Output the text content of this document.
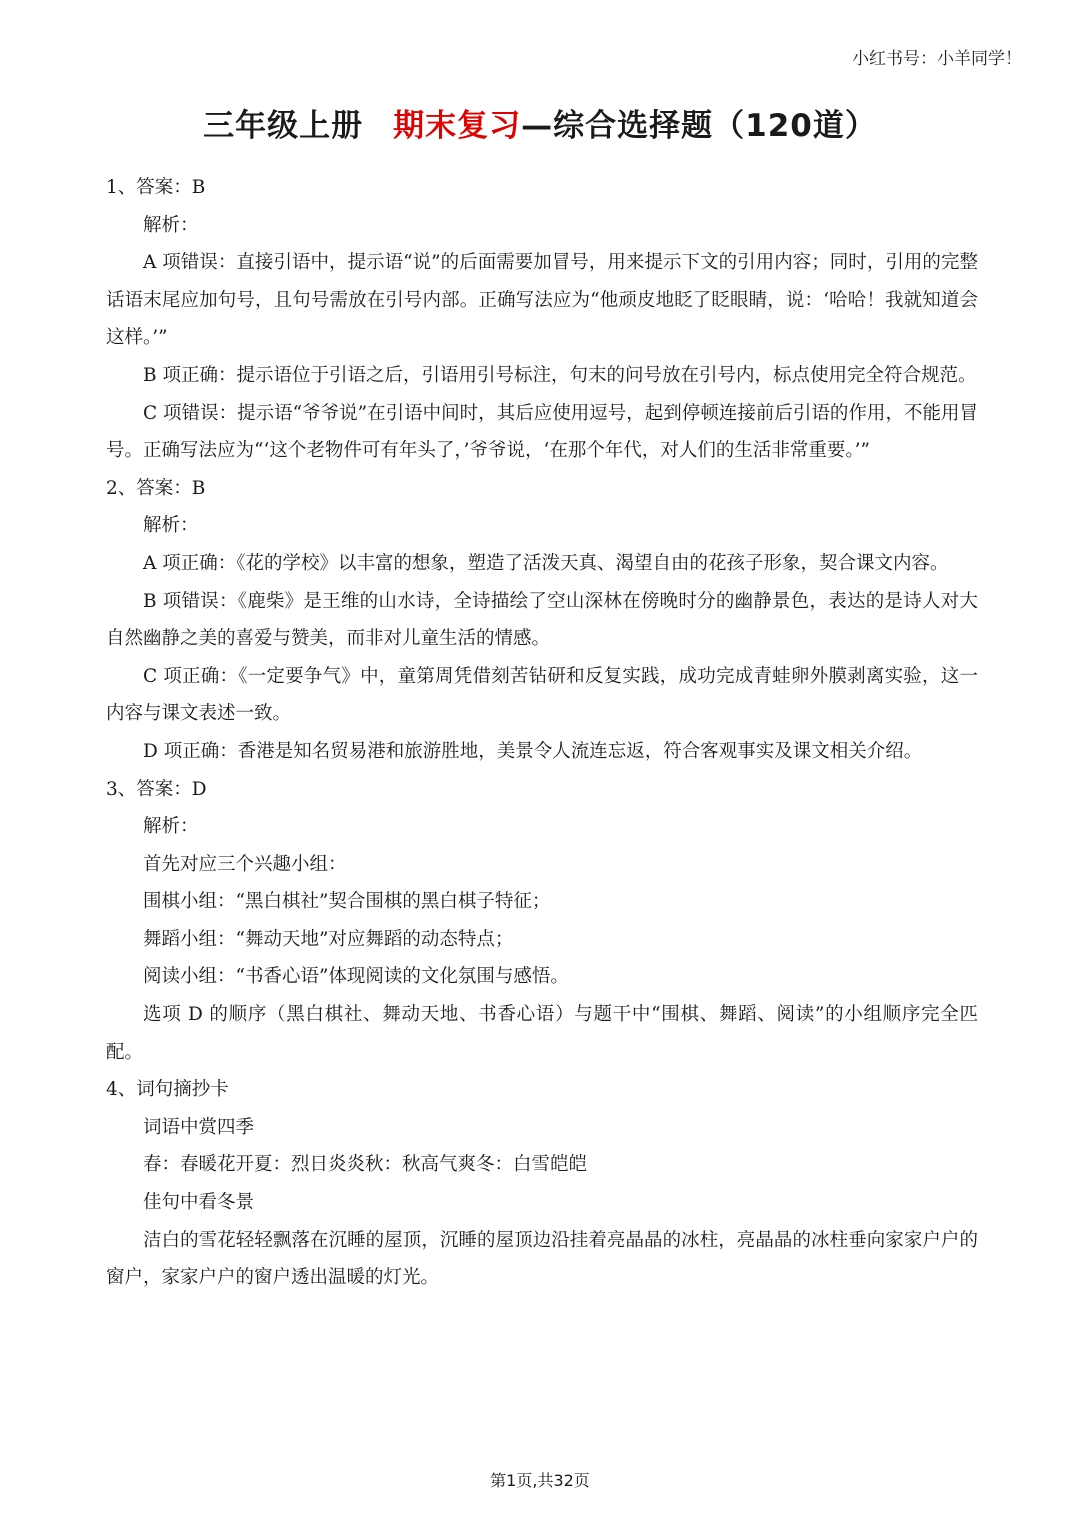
小红书号：小羊同学！
三年级上册 期末复习—综合选择题（120道）

1、答案：B

解析：

A 项错误：直接引语中，提示语“说”的后面需要加冒号，用来提示下文的引用内容；同时，引用的完整话语末尾应加句号，且句号需放在引号内部。正确写法应为“他顽皮地眨了眨眼睛，说：‘哈哈！我就知道会这样。’”

B 项正确：提示语位于引语之后，引语用引号标注，句末的问号放在引号内，标点使用完全符合规范。

C 项错误：提示语“爷爷说”在引语中间时，其后应使用逗号，起到停顿连接前后引语的作用，不能用冒号。正确写法应为“‘这个老物件可有年头了，’爷爷说，‘在那个年代，对人们的生活非常重要。’”

2、答案：B

解析：

A 项正确：《花的学校》以丰富的想象，塑造了活泼天真、渴望自由的花孩子形象，契合课文内容。

B 项错误：《鹿柴》是王维的山水诗，全诗描绘了空山深林在傍晚时分的幽静景色，表达的是诗人对大自然幽静之美的喜爱与赞美，而非对儿童生活的情感。

C 项正确：《一定要争气》中，童第周凭借刻苦钻研和反复实践，成功完成青蛙卵外膜剥离实验，这一内容与课文表述一致。

D 项正确：香港是知名贸易港和旅游胜地，美景令人流连忘返，符合客观事实及课文相关介绍。

3、答案：D

解析：

首先对应三个兴趣小组：

围棋小组：“黑白棋社”契合围棋的黑白棋子特征；

舞蹈小组：“舞动天地”对应舞蹈的动态特点；

阅读小组：“书香心语”体现阅读的文化氛围与感悟。

选项 D 的顺序（黑白棋社、舞动天地、书香心语）与题干中“围棋、舞蹈、阅读”的小组顺序完全匹配。

4、词句摘抄卡

词语中赏四季

春：春暖花开夏：烈日炎炎秋：秋高气爽冬：白雪皑皑

佳句中看冬景

洁白的雪花轻轻飘落在沉睡的屋顶，沉睡的屋顶边沿挂着亮晶晶的冰柱，亮晶晶的冰柱垂向家家户户的窗户，家家户户的窗户透出温暖的灯光。

第1页,共32页
